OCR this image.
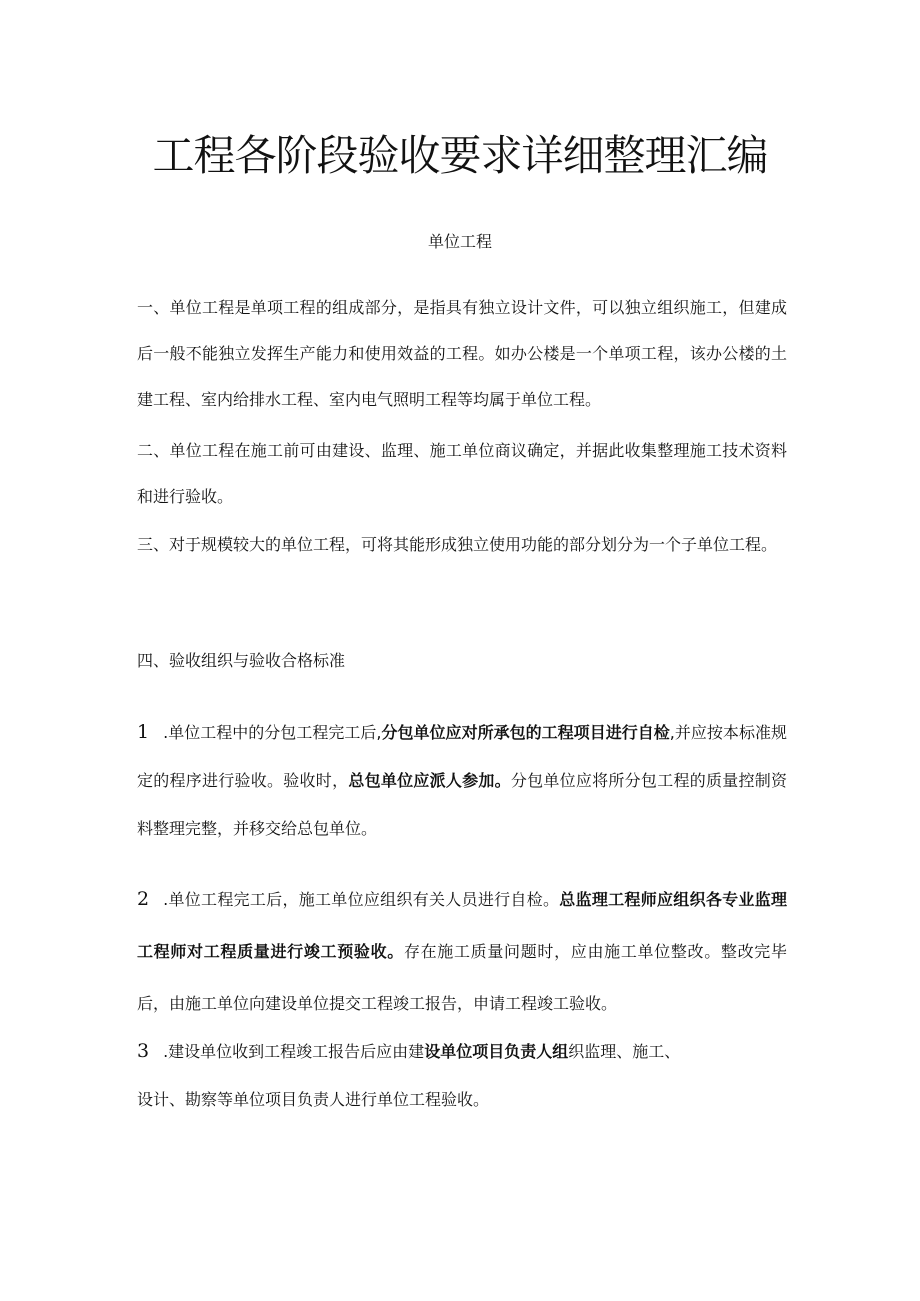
工程各阶段验收要求详细整理汇编
单位工程

一、单位工程是单项工程的组成部分，是指具有独立设计文件，可以独立组织施工，但建成后一般不能独立发挥生产能力和使用效益的工程。如办公楼是一个单项工程，该办公楼的土建工程、室内给排水工程、室内电气照明工程等均属于单位工程。

二、单位工程在施工前可由建设、监理、施工单位商议确定，并据此收集整理施工技术资料和进行验收。

三、对于规模较大的单位工程，可将其能形成独立使用功能的部分划分为一个子单位工程。

四、验收组织与验收合格标准

1 .单位工程中的分包工程完工后,分包单位应对所承包的工程项目进行自检,并应按本标准规定的程序进行验收。验收时，总包单位应派人参加。分包单位应将所分包工程的质量控制资料整理完整，并移交给总包单位。

2 .单位工程完工后，施工单位应组织有关人员进行自检。总监理工程师应组织各专业监理工程师对工程质量进行竣工预验收。存在施工质量问题时，应由施工单位整改。整改完毕后，由施工单位向建设单位提交工程竣工报告，申请工程竣工验收。

3 .建设单位收到工程竣工报告后应由建设单位项目负责人组织监理、施工、
设计、勘察等单位项目负责人进行单位工程验收。
